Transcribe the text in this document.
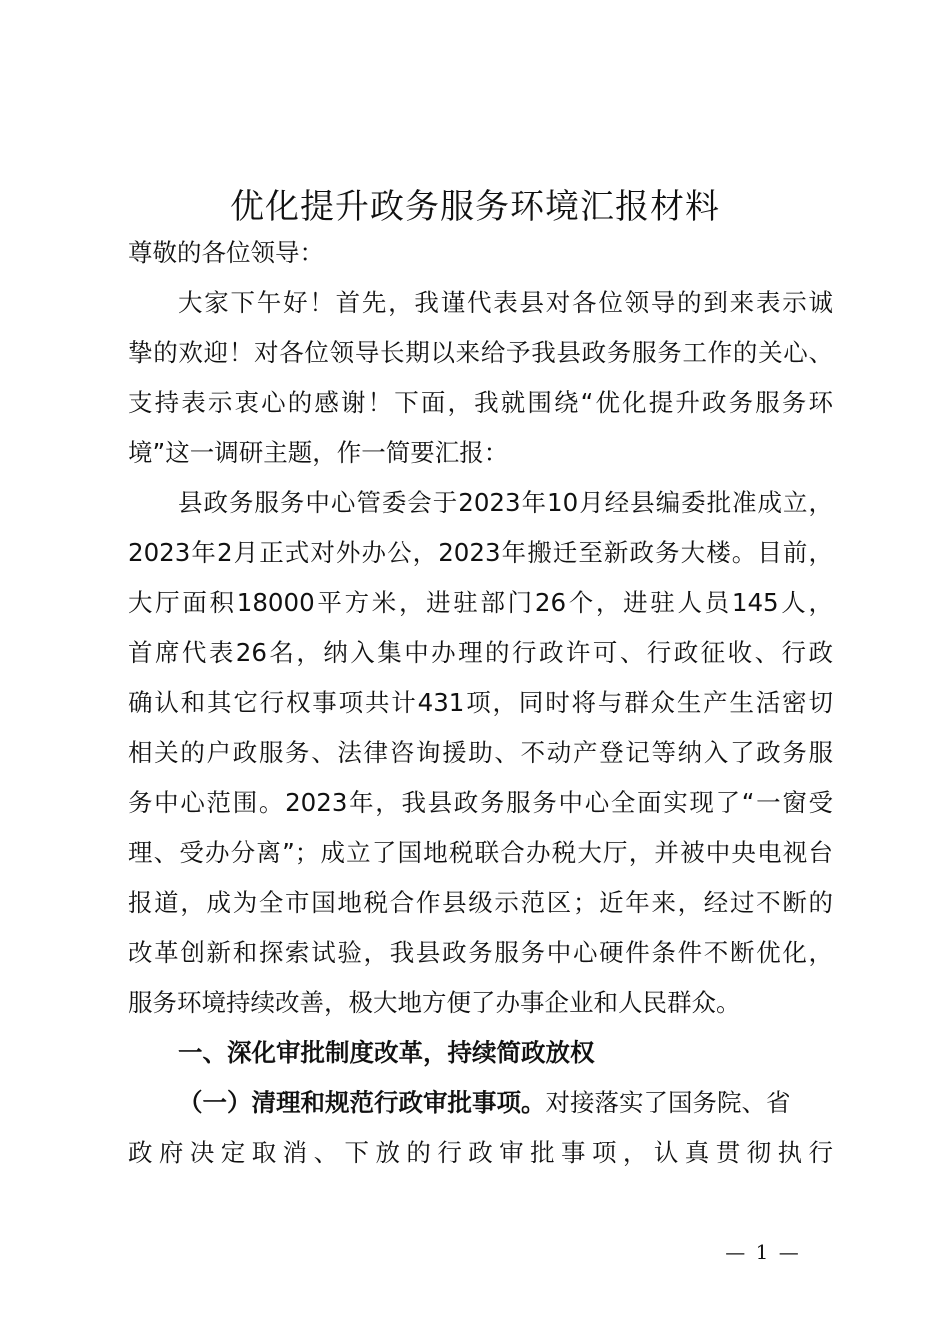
优化提升政务服务环境汇报材料

尊敬的各位领导：

大家下午好！首先，我谨代表县对各位领导的到来表示诚

挚的欢迎！对各位领导长期以来给予我县政务服务工作的关心、

支持表示衷心的感谢！下面，我就围绕“优化提升政务服务环

境”这一调研主题，作一简要汇报：

县政务服务中心管委会于2023年10月经县编委批准成立，

2023年2月正式对外办公，2023年搬迁至新政务大楼。目前，

大厅面积18000平方米，进驻部门26个，进驻人员145人，

首席代表26名，纳入集中办理的行政许可、行政征收、行政

确认和其它行权事项共计431项，同时将与群众生产生活密切

相关的户政服务、法律咨询援助、不动产登记等纳入了政务服

务中心范围。2023年，我县政务服务中心全面实现了“一窗受

理、受办分离”；成立了国地税联合办税大厅，并被中央电视台

报道，成为全市国地税合作县级示范区；近年来，经过不断的

改革创新和探索试验，我县政务服务中心硬件条件不断优化，

服务环境持续改善，极大地方便了办事企业和人民群众。

一、深化审批制度改革，持续简政放权

（一）清理和规范行政审批事项。对接落实了国务院、省

政府决定取消、下放的行政审批事项，认真贯彻执行

— 1 —
